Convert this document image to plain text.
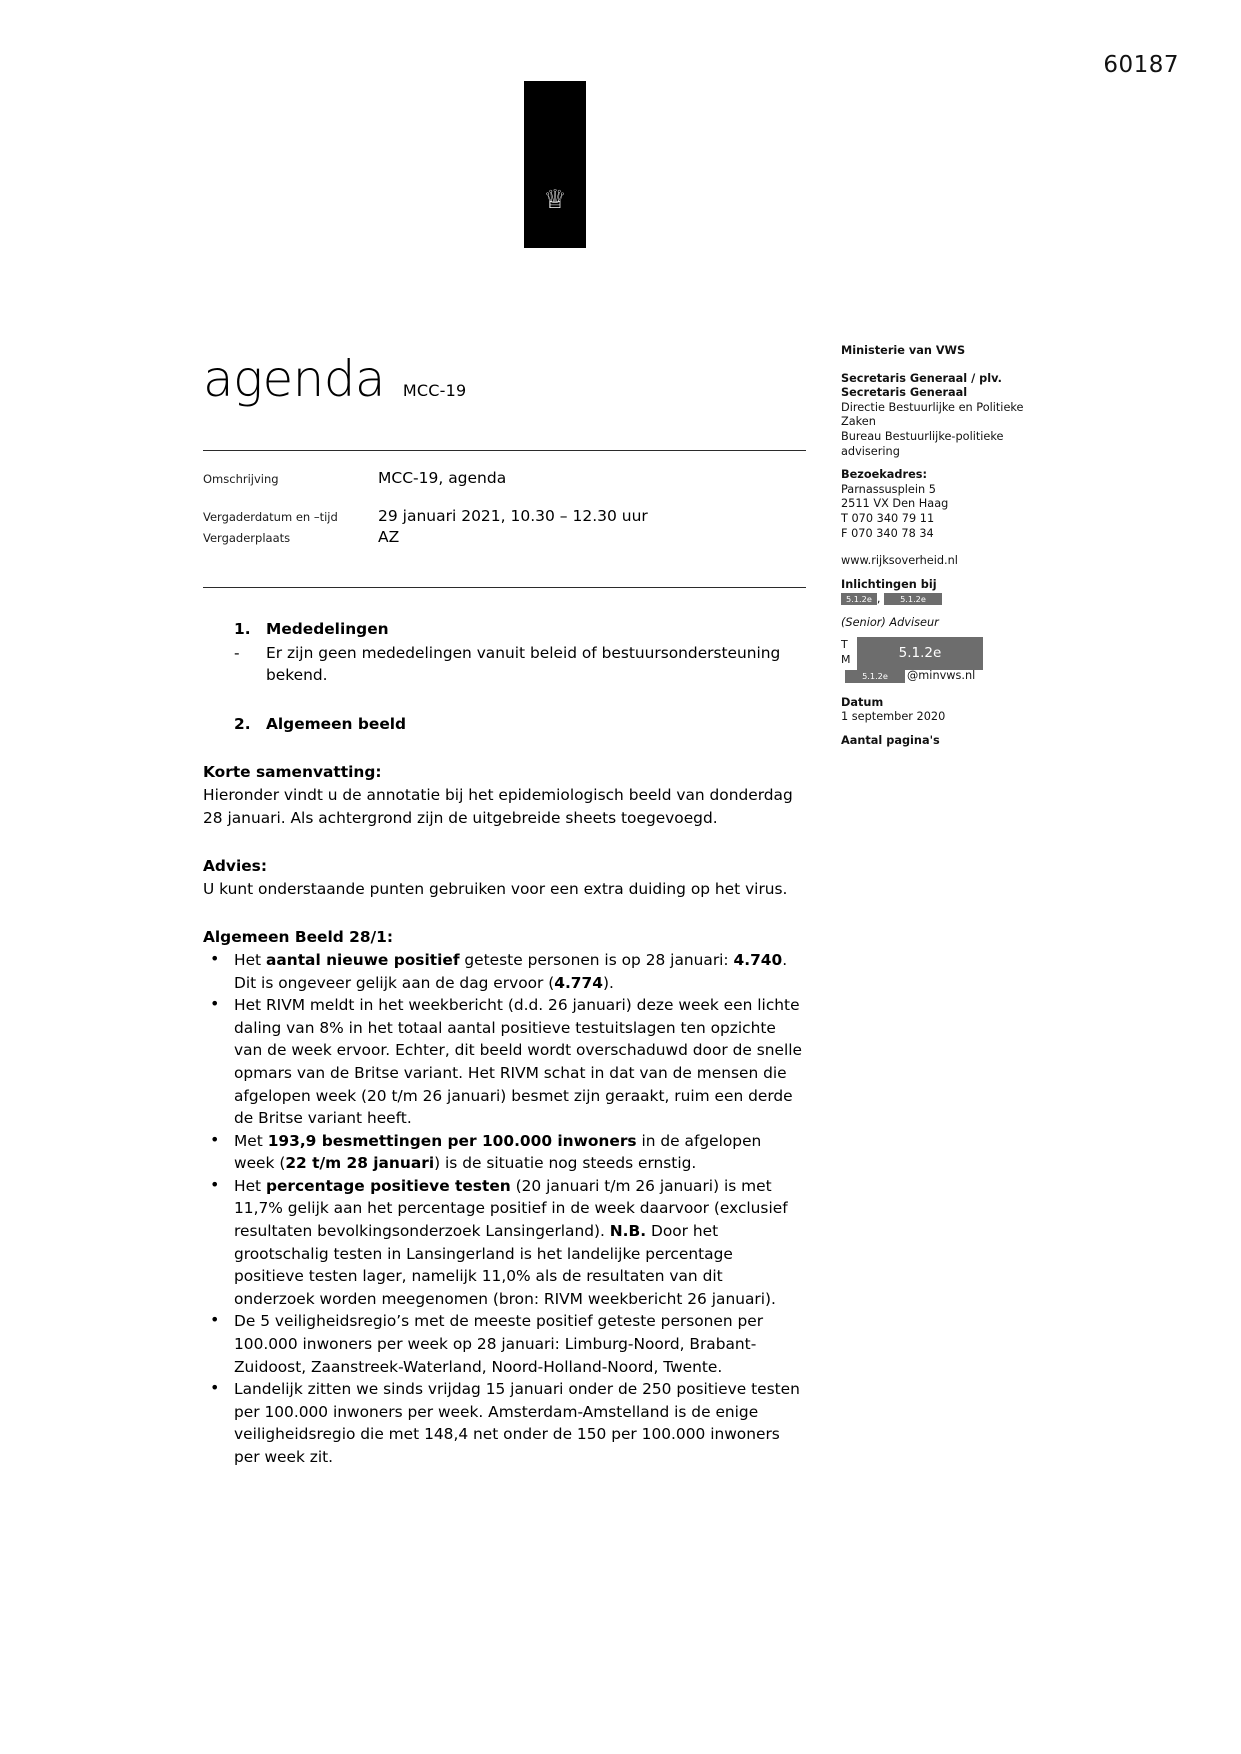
60187
♕
agenda MCC-19
Omschrijving	MCC-19, agenda
Vergaderdatum en –tijd	29 januari 2021, 10.30 – 12.30 uur
Vergaderplaats	AZ
1.	Mededelingen
-	Er zijn geen mededelingen vanuit beleid of bestuursondersteuning bekend.
2.	Algemeen beeld
Korte samenvatting:
Hieronder vindt u de annotatie bij het epidemiologisch beeld van donderdag 28 januari. Als achtergrond zijn de uitgebreide sheets toegevoegd.
Advies:
U kunt onderstaande punten gebruiken voor een extra duiding op het virus.
Algemeen Beeld 28/1:
• Het aantal nieuwe positief geteste personen is op 28 januari: 4.740. Dit is ongeveer gelijk aan de dag ervoor (4.774).
• Het RIVM meldt in het weekbericht (d.d. 26 januari) deze week een lichte daling van 8% in het totaal aantal positieve testuitslagen ten opzichte van de week ervoor. Echter, dit beeld wordt overschaduwd door de snelle opmars van de Britse variant. Het RIVM schat in dat van de mensen die afgelopen week (20 t/m 26 januari) besmet zijn geraakt, ruim een derde de Britse variant heeft.
• Met 193,9 besmettingen per 100.000 inwoners in de afgelopen week (22 t/m 28 januari) is de situatie nog steeds ernstig.
• Het percentage positieve testen (20 januari t/m 26 januari) is met 11,7% gelijk aan het percentage positief in de week daarvoor (exclusief resultaten bevolkingsonderzoek Lansingerland). N.B. Door het grootschalig testen in Lansingerland is het landelijke percentage positieve testen lager, namelijk 11,0% als de resultaten van dit onderzoek worden meegenomen (bron: RIVM weekbericht 26 januari).
• De 5 veiligheidsregio’s met de meeste positief geteste personen per 100.000 inwoners per week op 28 januari: Limburg-Noord, Brabant-Zuidoost, Zaanstreek-Waterland, Noord-Holland-Noord, Twente.
• Landelijk zitten we sinds vrijdag 15 januari onder de 250 positieve testen per 100.000 inwoners per week. Amsterdam-Amstelland is de enige veiligheidsregio die met 148,4 net onder de 150 per 100.000 inwoners per week zit.
Ministerie van VWS
Secretaris Generaal / plv.
Secretaris Generaal
Directie Bestuurlijke en Politieke
Zaken
Bureau Bestuurlijke-politieke
advisering
Bezoekadres:
Parnassusplein 5
2511 VX Den Haag
T 070 340 79 11
F 070 340 78 34
www.rijksoverheid.nl
Inlichtingen bij
5.1.2e , 5.1.2e
(Senior) Adviseur
T
M	5.1.2e
5.1.2e	@minvws.nl
Datum
1 september 2020
Aantal pagina's
